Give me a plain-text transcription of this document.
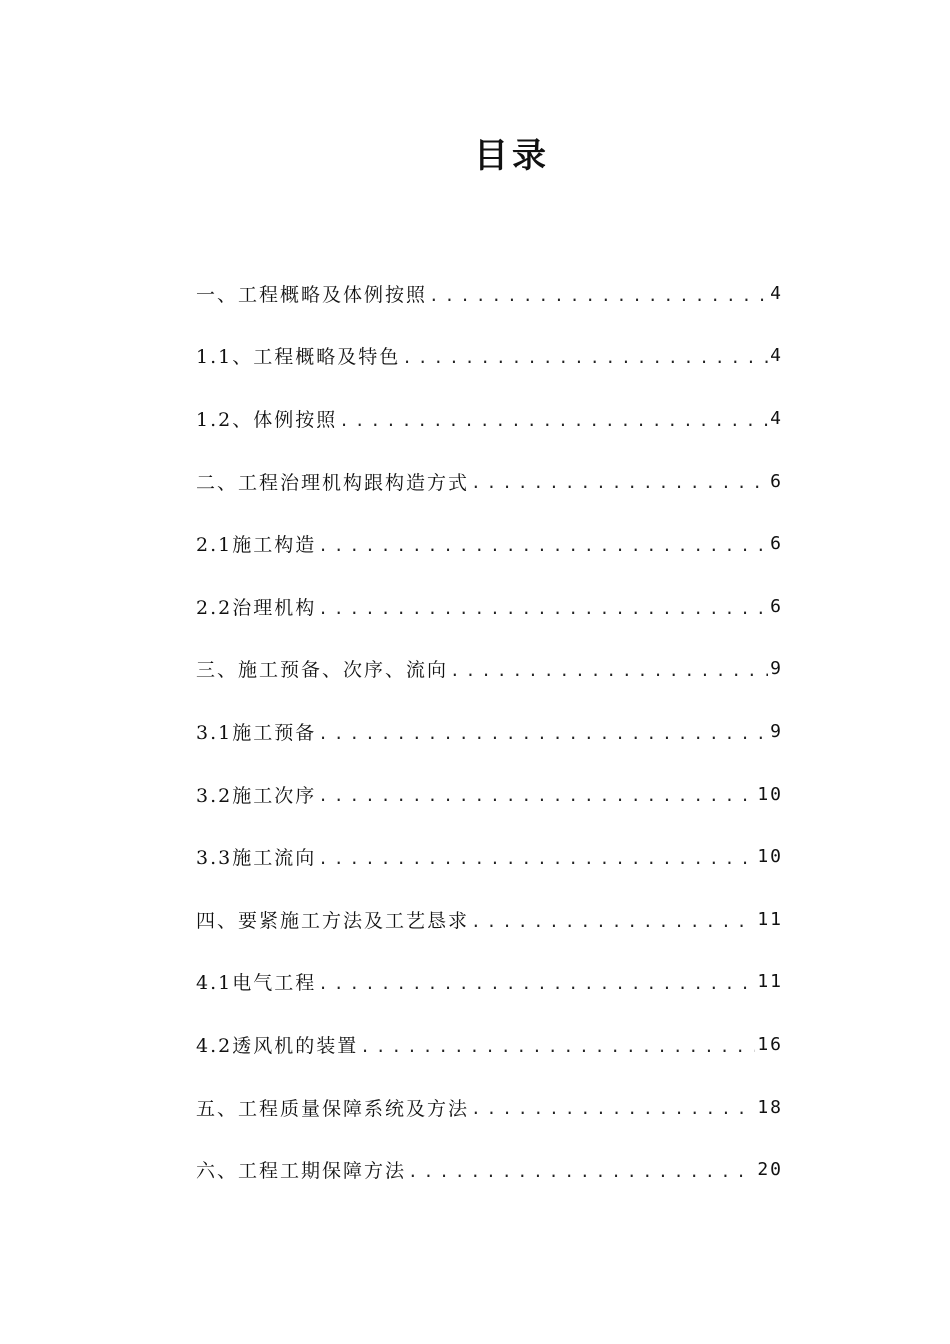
目录
一、工程概略及体例按照 .....	4
1.1、工程概略及特色 .....	4
1.2、体例按照 .....	4
二、工程治理机构跟构造方式 .....	6
2.1施工构造 .....	6
2.2治理机构 .....	6
三、施工预备、次序、流向 .....	9
3.1施工预备 .....	9
3.2施工次序 .....	10
3.3施工流向 .....	10
四、要紧施工方法及工艺恳求 .....	11
4.1电气工程 .....	11
4.2透风机的装置 .....	16
五、工程质量保障系统及方法 .....	18
六、工程工期保障方法 .....	20
